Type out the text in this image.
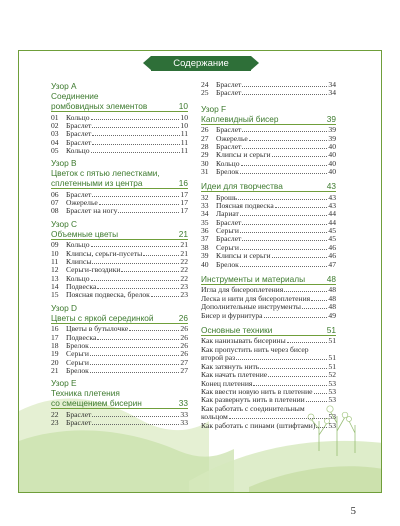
Содержание
Узор A
Соединение
ромбовидных элементов	10
01 Кольцо	10
02 Браслет	10
03 Браслет	11
04 Браслет	11
05 Кольцо	11
Узор B
Цветок с пятью лепестками,
сплетенными из центра	16
06 Браслет	17
07 Ожерелье	17
08 Браслет на ногу	17
Узор C
Объемные цветы	21
09 Кольцо	21
10 Клипсы, серьги-пусеты	21
11	Клипсы	22
12 Серьги-гвоздики	22
13 Кольцо	22
14 Подвеска	23
15 Поясная подвеска, брелок	23
Узор D
Цветы с яркой серединкой	26
16 Цветы в бутылочке	26
17 Подвеска	26
18 Брелок	26
19 Серьги	26
20 Серьги	27
21 Брелок	27
Узор E
Техника плетения
со смещением бисерин	33
22 Браслет	33
23 Браслет	33
24 Браслет	34
25 Браслет	34
Узор F
Каплевидный бисер	39
26 Браслет	39
27 Ожерелье	39
28 Браслет	40
29 Клипсы и серьги	40
30 Кольцо	40
31 Брелок	40
Идеи для творчества	43
32 Брошь	43
33 Поясная подвеска	43
34 Лариат	44
35 Браслет	44
36 Серьги	45
37 Браслет	45
38 Серьги	46
39 Клипсы и серьги	46
40 Брелок	47
Инструменты и материалы	48
Игла для бисероплетения	48
Леска и нити для бисероплетения 48
Дополнительные инструменты	48
Бисер и фурнитура	49
Основные техники	51
Как нанизывать бисерины	51
Как пропустить нить через бисер
второй раз	51
Как затянуть нить	51
Как начать плетение	52
Конец плетения	53
Как ввести новую нить в плетение 53
Как развернуть нить в плетении	53
Как работать с соединительным
кольцом	53
Как работать с пинами (штифтами) 53
5
